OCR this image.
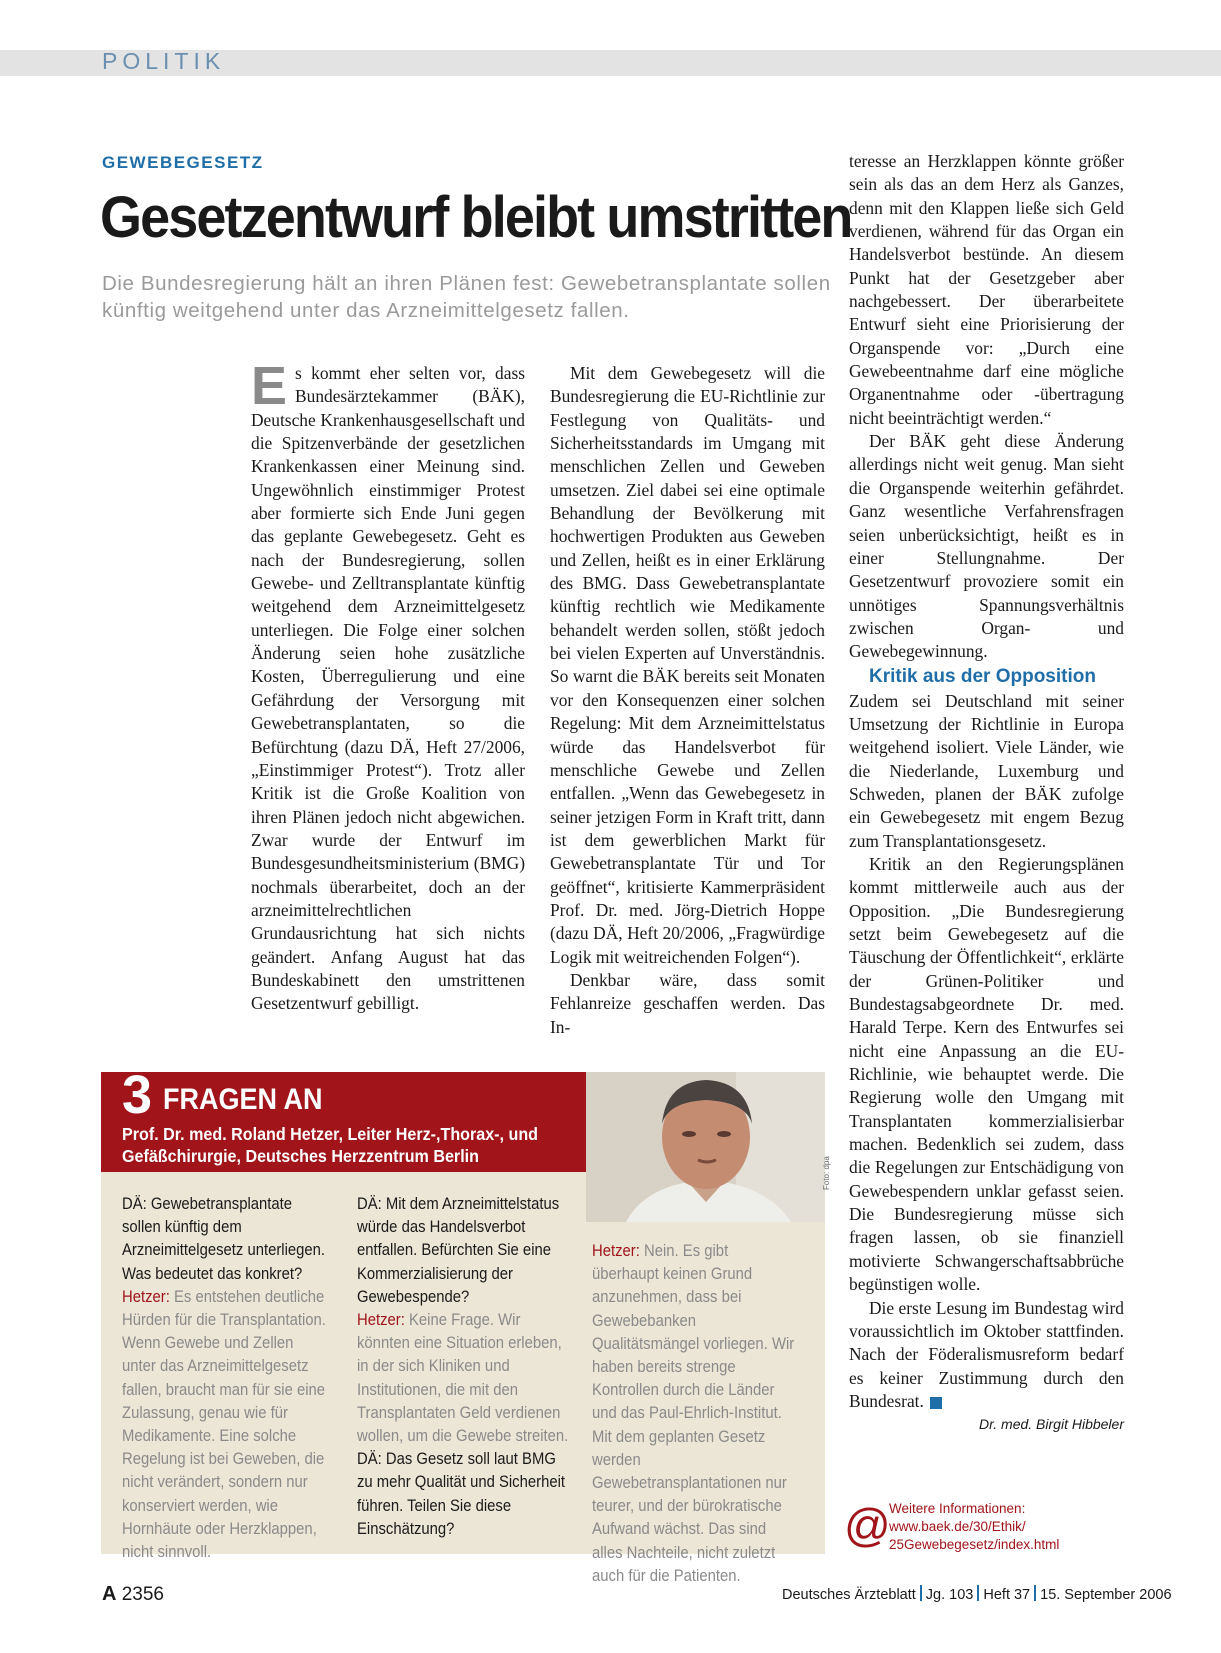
POLITIK
GEWEBEGESETZ
Gesetzentwurf bleibt umstritten
Die Bundesregierung hält an ihren Plänen fest: Gewebetransplantate sollen künftig weitgehend unter das Arzneimittelgesetz fallen.
E s kommt eher selten vor, dass Bundesärztekammer (BÄK), Deutsche Krankenhausgesellschaft und die Spitzenverbände der gesetzlichen Krankenkassen einer Meinung sind. Ungewöhnlich einstimmiger Protest aber formierte sich Ende Juni gegen das geplante Gewebegesetz. Geht es nach der Bundesregierung, sollen Gewebe- und Zelltransplantate künftig weitgehend dem Arzneimittelgesetz unterliegen. Die Folge einer solchen Änderung seien hohe zusätzliche Kosten, Überregulierung und eine Gefährdung der Versorgung mit Gewebetransplantaten, so die Befürchtung (dazu DÄ, Heft 27/2006, „Einstimmiger Protest“). Trotz aller Kritik ist die Große Koalition von ihren Plänen jedoch nicht abgewichen. Zwar wurde der Entwurf im Bundesgesundheitsministerium (BMG) nochmals überarbeitet, doch an der arzneimittelrechtlichen Grundausrichtung hat sich nichts geändert. Anfang August hat das Bundeskabinett den umstrittenen Gesetzentwurf gebilligt.

Mit dem Gewebegesetz will die Bundesregierung die EU-Richtlinie zur Festlegung von Qualitäts- und Sicherheitsstandards im Umgang mit menschlichen Zellen und Geweben umsetzen. Ziel dabei sei eine optimale Behandlung der Bevölkerung mit hochwertigen Produkten aus Geweben und Zellen, heißt es in einer Erklärung des BMG. Dass Gewebetransplantate künftig rechtlich wie Medikamente behandelt werden sollen, stößt jedoch bei vielen Experten auf Unverständnis. So warnt die BÄK bereits seit Monaten vor den Konsequenzen einer solchen Regelung: Mit dem Arzneimittelstatus würde das Handelsverbot für menschliche Gewebe und Zellen entfallen. „Wenn das Gewebegesetz in seiner jetzigen Form in Kraft tritt, dann ist dem gewerblichen Markt für Gewebetransplantate Tür und Tor geöffnet“, kritisierte Kammerpräsident Prof. Dr. med. Jörg-Dietrich Hoppe (dazu DÄ, Heft 20/2006, „Fragwürdige Logik mit weitreichenden Folgen“).

Denkbar wäre, dass somit Fehlanreize geschaffen werden. Das In-

teresse an Herzklappen könnte größer sein als das an dem Herz als Ganzes, denn mit den Klappen ließe sich Geld verdienen, während für das Organ ein Handelsverbot bestünde. An diesem Punkt hat der Gesetzgeber aber nachgebessert. Der überarbeitete Entwurf sieht eine Priorisierung der Organspende vor: „Durch eine Gewebeentnahme darf eine mögliche Organentnahme oder -übertragung nicht beeinträchtigt werden.“

Der BÄK geht diese Änderung allerdings nicht weit genug. Man sieht die Organspende weiterhin gefährdet. Ganz wesentliche Verfahrensfragen seien unberücksichtigt, heißt es in einer Stellungnahme. Der Gesetzentwurf provoziere somit ein unnötiges Spannungsverhältnis zwischen Organ- und Gewebegewinnung.

Kritik aus der Opposition

Zudem sei Deutschland mit seiner Umsetzung der Richtlinie in Europa weitgehend isoliert. Viele Länder, wie die Niederlande, Luxemburg und Schweden, planen der BÄK zufolge ein Gewebegesetz mit engem Bezug zum Transplantationsgesetz.

Kritik an den Regierungsplänen kommt mittlerweile auch aus der Opposition. „Die Bundesregierung setzt beim Gewebegesetz auf die Täuschung der Öffentlichkeit“, erklärte der Grünen-Politiker und Bundestagsabgeordnete Dr. med. Harald Terpe. Kern des Entwurfes sei nicht eine Anpassung an die EU-Richlinie, wie behauptet werde. Die Regierung wolle den Umgang mit Transplantaten kommerzialisierbar machen. Bedenklich sei zudem, dass die Regelungen zur Entschädigung von Gewebespendern unklar gefasst seien. Die Bundesregierung müsse sich fragen lassen, ob sie finanziell motivierte Schwangerschaftsabbrüche begünstigen wolle.

Die erste Lesung im Bundestag wird voraussichtlich im Oktober stattfinden. Nach der Föderalismusreform bedarf es keiner Zustimmung durch den Bundesrat.

Dr. med. Birgit Hibbeler

3 FRAGEN AN
Prof. Dr. med. Roland Hetzer, Leiter Herz-,Thorax-, und Gefäßchirurgie, Deutsches Herzzentrum Berlin
Foto: dpa
DÄ: Gewebetransplantate sollen künftig dem Arzneimittelgesetz unterliegen. Was bedeutet das konkret?
Hetzer: Es entstehen deutliche Hürden für die Transplantation. Wenn Gewebe und Zellen unter das Arzneimittelgesetz fallen, braucht man für sie eine Zulassung, genau wie für Medikamente. Eine solche Regelung ist bei Geweben, die nicht verändert, sondern nur konserviert werden, wie Hornhäute oder Herzklappen, nicht sinnvoll.
DÄ: Mit dem Arzneimittelstatus würde das Handelsverbot entfallen. Befürchten Sie eine Kommerzialisierung der Gewebespende?
Hetzer: Keine Frage. Wir könnten eine Situation erleben, in der sich Kliniken und Institutionen, die mit den Transplantaten Geld verdienen wollen, um die Gewebe streiten.
DÄ: Das Gesetz soll laut BMG zu mehr Qualität und Sicherheit führen. Teilen Sie diese Einschätzung?
Hetzer: Nein. Es gibt überhaupt keinen Grund anzunehmen, dass bei Gewebebanken Qualitätsmängel vorliegen. Wir haben bereits strenge Kontrollen durch die Länder und das Paul-Ehrlich-Institut. Mit dem geplanten Gesetz werden Gewebetransplantationen nur teurer, und der bürokratische Aufwand wächst. Das sind alles Nachteile, nicht zuletzt auch für die Patienten.
@
Weitere Informationen:
www.baek.de/30/Ethik/
25Gewebegesetz/index.html
A 2356	Deutsches Ärzteblatt Jg. 103 Heft 37 15. September 2006
